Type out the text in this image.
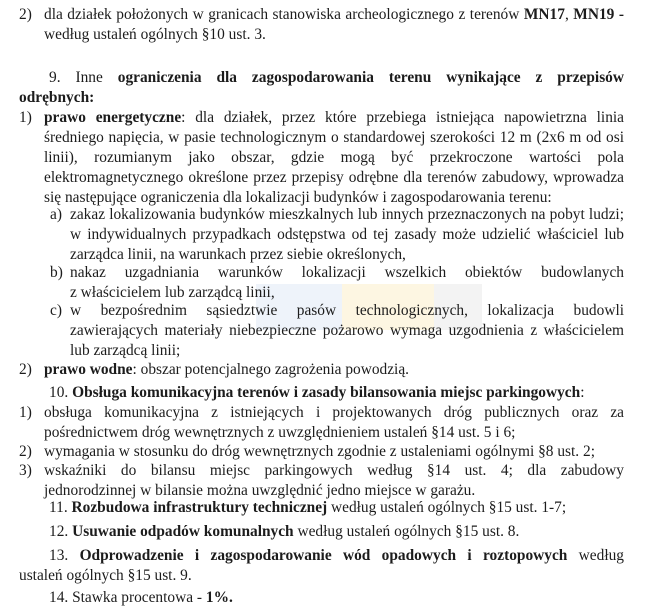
2) dla działek położonych w granicach stanowiska archeologicznego z terenów MN17, MN19 -
według ustaleń ogólnych §10 ust. 3.
9. Inne ograniczenia dla zagospodarowania terenu wynikające z przepisów
odrębnych:
1) prawo energetyczne: dla działek, przez które przebiega istniejąca napowietrzna linia
średniego napięcia, w pasie technologicznym o standardowej szerokości 12 m (2x6 m od osi
linii), rozumianym jako obszar, gdzie mogą być przekroczone wartości pola
elektromagnetycznego określone przez przepisy odrębne dla terenów zabudowy, wprowadza
się następujące ograniczenia dla lokalizacji budynków i zagospodarowania terenu:
a) zakaz lokalizowania budynków mieszkalnych lub innych przeznaczonych na pobyt ludzi;
w indywidualnych przypadkach odstępstwa od tej zasady może udzielić właściciel lub
zarządca linii, na warunkach przez siebie określonych,
b) nakaz uzgadniania warunków lokalizacji wszelkich obiektów budowlanych
z właścicielem lub zarządcą linii,
c) w bezpośrednim sąsiedztwie pasów technologicznych, lokalizacja budowli
zawierających materiały niebezpieczne pożarowo wymaga uzgodnienia z właścicielem
lub zarządcą linii;
2) prawo wodne: obszar potencjalnego zagrożenia powodzią.
10. Obsługa komunikacyjna terenów i zasady bilansowania miejsc parkingowych:
1) obsługa komunikacyjna z istniejących i projektowanych dróg publicznych oraz za
pośrednictwem dróg wewnętrznych z uwzględnieniem ustaleń §14 ust. 5 i 6;
2) wymagania w stosunku do dróg wewnętrznych zgodnie z ustaleniami ogólnymi §8 ust. 2;
3) wskaźniki do bilansu miejsc parkingowych według §14 ust. 4; dla zabudowy
jednorodzinnej w bilansie można uwzględnić jedno miejsce w garażu.
11. Rozbudowa infrastruktury technicznej według ustaleń ogólnych §15 ust. 1-7;
12. Usuwanie odpadów komunalnych według ustaleń ogólnych §15 ust. 8.
13. Odprowadzenie i zagospodarowanie wód opadowych i roztopowych według
ustaleń ogólnych §15 ust. 9.
14. Stawka procentowa - 1%.
